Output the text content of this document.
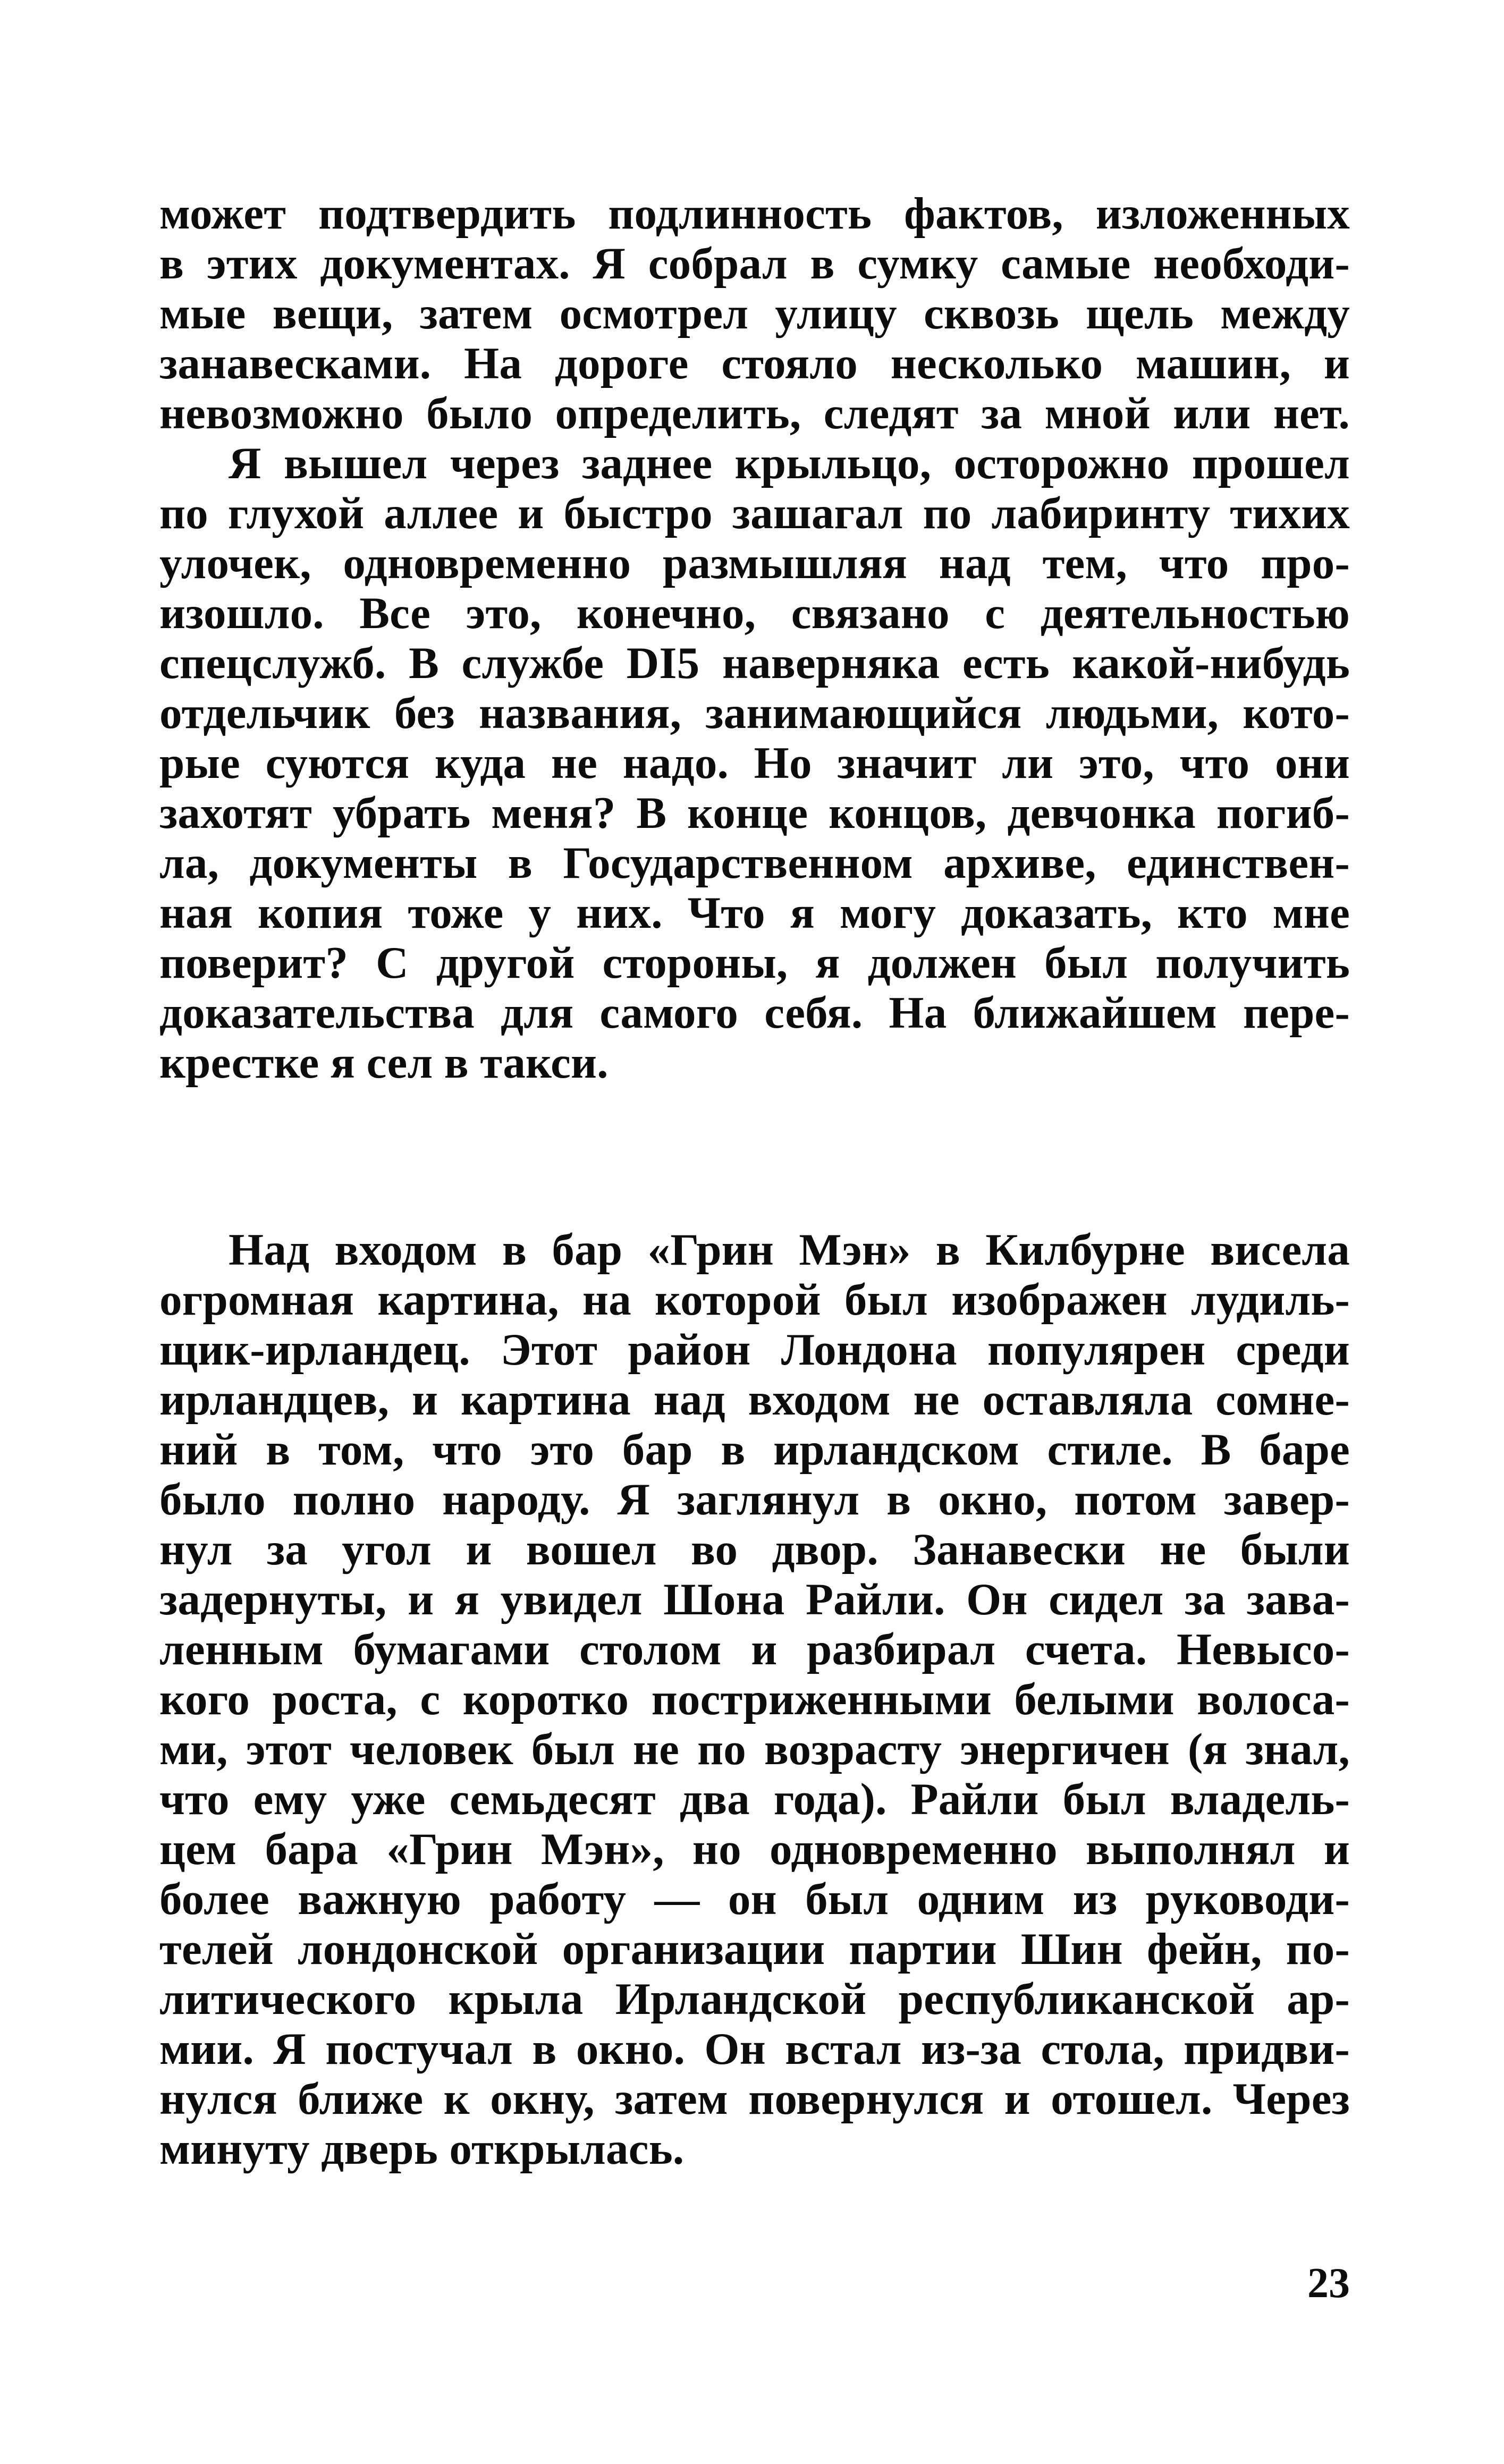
может подтвердить подлинность фактов, изложенных
в этих документах. Я собрал в сумку самые необходи-
мые вещи, затем осмотрел улицу сквозь щель между
занавесками. На дороге стояло несколько машин, и
невозможно было определить, следят за мной или нет.
Я вышел через заднее крыльцо, осторожно прошел
по глухой аллее и быстро зашагал по лабиринту тихих
улочек, одновременно размышляя над тем, что про-
изошло. Все это, конечно, связано с деятельностью
спецслужб. В службе DI5 наверняка есть какой-нибудь
отдельчик без названия, занимающийся людьми, кото-
рые суются куда не надо. Но значит ли это, что они
захотят убрать меня? В конце концов, девчонка погиб-
ла, документы в Государственном архиве, единствен-
ная копия тоже у них. Что я могу доказать, кто мне
поверит? С другой стороны, я должен был получить
доказательства для самого себя. На ближайшем пере-
крестке я сел в такси.
Над входом в бар «Грин Мэн» в Килбурне висела
огромная картина, на которой был изображен лудиль-
щик-ирландец. Этот район Лондона популярен среди
ирландцев, и картина над входом не оставляла сомне-
ний в том, что это бар в ирландском стиле. В баре
было полно народу. Я заглянул в окно, потом завер-
нул за угол и вошел во двор. Занавески не были
задернуты, и я увидел Шона Райли. Он сидел за зава-
ленным бумагами столом и разбирал счета. Невысо-
кого роста, с коротко постриженными белыми волоса-
ми, этот человек был не по возрасту энергичен (я знал,
что ему уже семьдесят два года). Райли был владель-
цем бара «Грин Мэн», но одновременно выполнял и
более важную работу — он был одним из руководи-
телей лондонской организации партии Шин фейн, по-
литического крыла Ирландской республиканской ар-
мии. Я постучал в окно. Он встал из-за стола, придви-
нулся ближе к окну, затем повернулся и отошел. Через
минуту дверь открылась.
23
